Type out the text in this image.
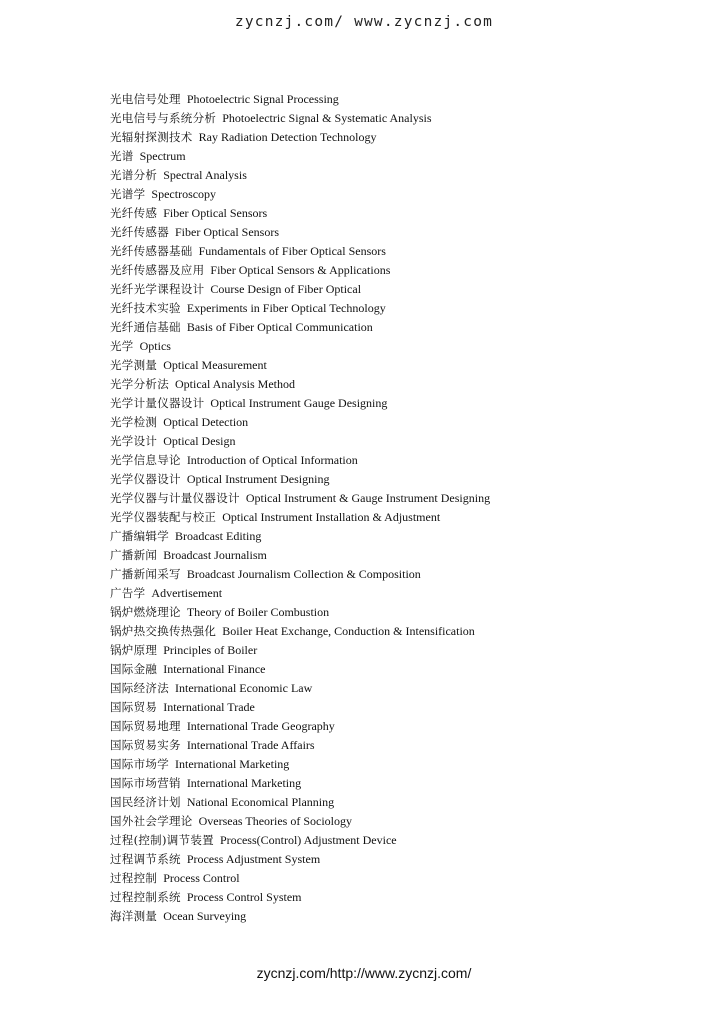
zycnzj.com/ www.zycnzj.com
光电信号处理 Photoelectric Signal Processing
光电信号与系统分析 Photoelectric Signal & Systematic Analysis
光辐射探测技术 Ray Radiation Detection Technology
光谱 Spectrum
光谱分析 Spectral Analysis
光谱学 Spectroscopy
光纤传感 Fiber Optical Sensors
光纤传感器 Fiber Optical Sensors
光纤传感器基础 Fundamentals of Fiber Optical Sensors
光纤传感器及应用 Fiber Optical Sensors & Applications
光纤光学课程设计 Course Design of Fiber Optical
光纤技术实验 Experiments in Fiber Optical Technology
光纤通信基础 Basis of Fiber Optical Communication
光学 Optics
光学测量 Optical Measurement
光学分析法 Optical Analysis Method
光学计量仪器设计 Optical Instrument Gauge Designing
光学检测 Optical Detection
光学设计 Optical Design
光学信息导论 Introduction of Optical Information
光学仪器设计 Optical Instrument Designing
光学仪器与计量仪器设计 Optical Instrument & Gauge Instrument Designing
光学仪器装配与校正 Optical Instrument Installation & Adjustment
广播编辑学 Broadcast Editing
广播新闻 Broadcast Journalism
广播新闻采写 Broadcast Journalism Collection & Composition
广告学 Advertisement
锅炉燃烧理论 Theory of Boiler Combustion
锅炉热交换传热强化 Boiler Heat Exchange, Conduction & Intensification
锅炉原理 Principles of Boiler
国际金融 International Finance
国际经济法 International Economic Law
国际贸易 International Trade
国际贸易地理 International Trade Geography
国际贸易实务 International Trade Affairs
国际市场学 International Marketing
国际市场营销 International Marketing
国民经济计划 National Economical Planning
国外社会学理论 Overseas Theories of Sociology
过程(控制)调节装置 Process(Control) Adjustment Device
过程调节系统 Process Adjustment System
过程控制 Process Control
过程控制系统 Process Control System
海洋测量 Ocean Surveying
zycnzj.com/http://www.zycnzj.com/
